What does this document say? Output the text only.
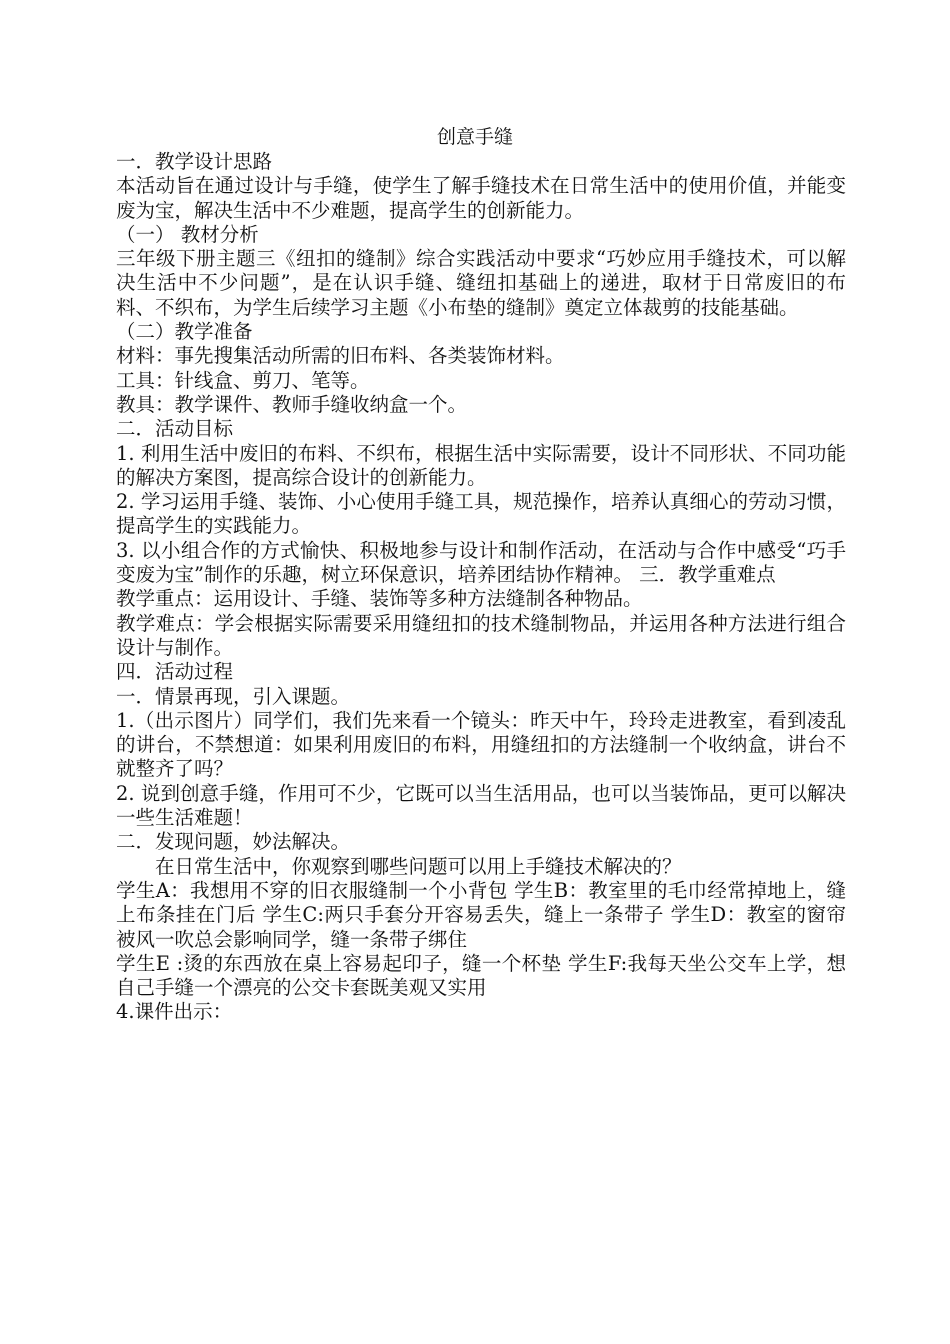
创意手缝

一．教学设计思路

本活动旨在通过设计与手缝，使学生了解手缝技术在日常生活中的使用价值，并能变废为宝，解决生活中不少难题，提高学生的创新能力。

（一） 教材分析

三年级下册主题三《纽扣的缝制》综合实践活动中要求“巧妙应用手缝技术，可以解决生活中不少问题”，是在认识手缝、缝纽扣基础上的递进，取材于日常废旧的布料、不织布，为学生后续学习主题《小布垫的缝制》奠定立体裁剪的技能基础。

（二）教学准备

材料：事先搜集活动所需的旧布料、各类装饰材料。

工具：针线盒、剪刀、笔等。

教具：教学课件、教师手缝收纳盒一个。

二．活动目标

1. 利用生活中废旧的布料、不织布，根据生活中实际需要，设计不同形状、不同功能的解决方案图，提高综合设计的创新能力。

2. 学习运用手缝、装饰、小心使用手缝工具，规范操作，培养认真细心的劳动习惯，提高学生的实践能力。

3. 以小组合作的方式愉快、积极地参与设计和制作活动，在活动与合作中感受“巧手变废为宝”制作的乐趣，树立环保意识，培养团结协作精神。 三．教学重难点

教学重点：运用设计、手缝、装饰等多种方法缝制各种物品。

教学难点：学会根据实际需要采用缝纽扣的技术缝制物品，并运用各种方法进行组合设计与制作。

四．活动过程

一．情景再现，引入课题。

1.（出示图片）同学们，我们先来看一个镜头：昨天中午，玲玲走进教室，看到凌乱的讲台，不禁想道：如果利用废旧的布料，用缝纽扣的方法缝制一个收纳盒，讲台不就整齐了吗？

2. 说到创意手缝，作用可不少，它既可以当生活用品，也可以当装饰品，更可以解决一些生活难题！

二．发现问题，妙法解决。

在日常生活中，你观察到哪些问题可以用上手缝技术解决的？

学生A：我想用不穿的旧衣服缝制一个小背包 学生B：教室里的毛巾经常掉地上，缝上布条挂在门后 学生C:两只手套分开容易丢失，缝上一条带子 学生D：教室的窗帘被风一吹总会影响同学，缝一条带子绑住

学生E :烫的东西放在桌上容易起印子，缝一个杯垫 学生F:我每天坐公交车上学，想自己手缝一个漂亮的公交卡套既美观又实用

4.课件出示：
